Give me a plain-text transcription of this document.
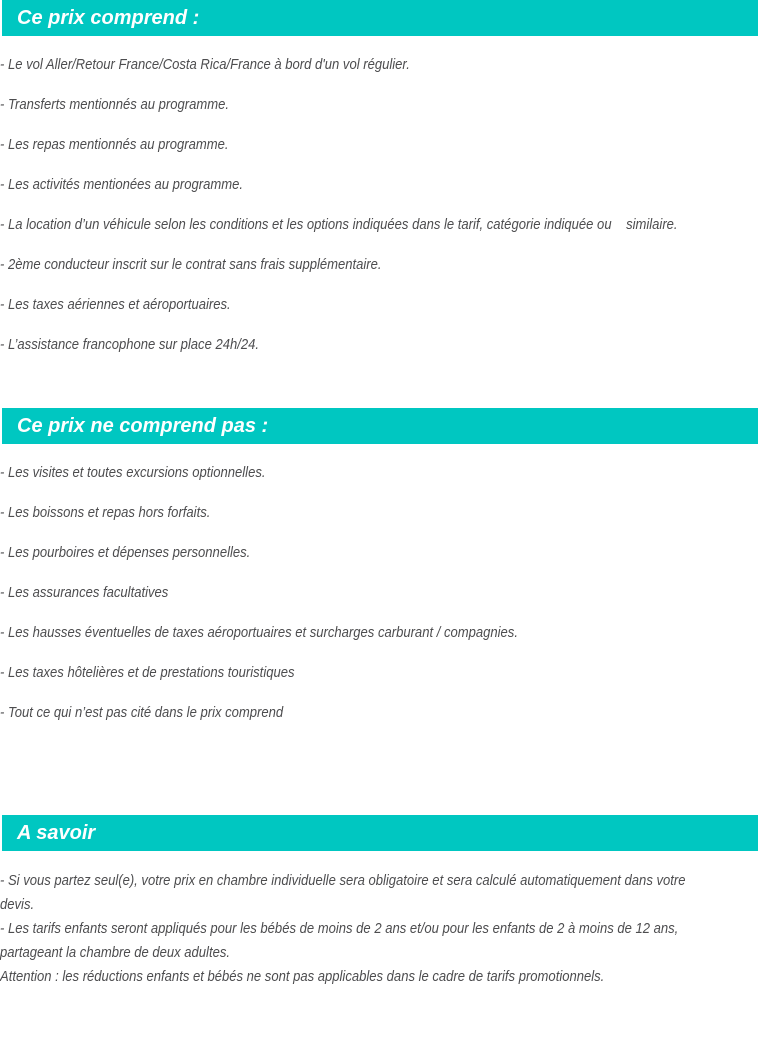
Ce prix comprend :
- Le vol Aller/Retour France/Costa Rica/France à bord d'un vol régulier.
- Transferts mentionnés au programme.
- Les repas mentionnés au programme.
- Les activités mentionées au programme.
- La location d’un véhicule selon les conditions et les options indiquées dans le tarif, catégorie indiquée ou    similaire.
- 2ème conducteur inscrit sur le contrat sans frais supplémentaire.
- Les taxes aériennes et aéroportuaires.
- L’assistance francophone sur place 24h/24.
Ce prix ne comprend pas :
- Les visites et toutes excursions optionnelles.
- Les boissons et repas hors forfaits.
- Les pourboires et dépenses personnelles.
- Les assurances facultatives
- Les hausses éventuelles de taxes aéroportuaires et surcharges carburant / compagnies.
- Les taxes hôtelières et de prestations touristiques
- Tout ce qui n’est pas cité dans le prix comprend
A savoir
- Si vous partez seul(e), votre prix en chambre individuelle sera obligatoire et sera calculé automatiquement dans votre
devis.
- Les tarifs enfants seront appliqués pour les bébés de moins de 2 ans et/ou pour les enfants de 2 à moins de 12 ans,
partageant la chambre de deux adultes.
Attention : les réductions enfants et bébés ne sont pas applicables dans le cadre de tarifs promotionnels.
